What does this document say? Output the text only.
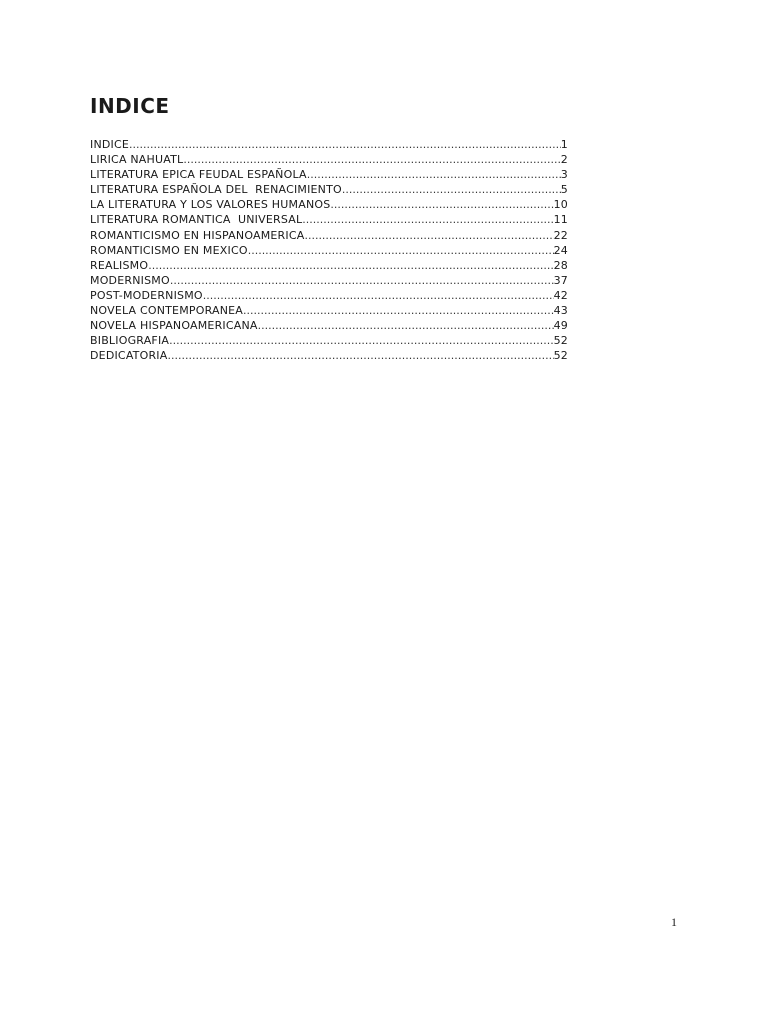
INDICE
INDICE .....	1
LIRICA NAHUATL .....	2
LITERATURA EPICA FEUDAL ESPAÑOLA .....	3
LITERATURA ESPAÑOLA DEL  RENACIMIENTO .....	5
LA LITERATURA Y LOS VALORES HUMANOS .....	10
LITERATURA ROMANTICA  UNIVERSAL .....	11
ROMANTICISMO EN HISPANOAMERICA .....	22
ROMANTICISMO EN MEXICO .....	24
REALISMO .....	28
MODERNISMO .....	37
POST-MODERNISMO .....	42
NOVELA CONTEMPORANEA .....	43
NOVELA HISPANOAMERICANA .....	49
BIBLIOGRAFIA .....	52
DEDICATORIA .....	52

1
